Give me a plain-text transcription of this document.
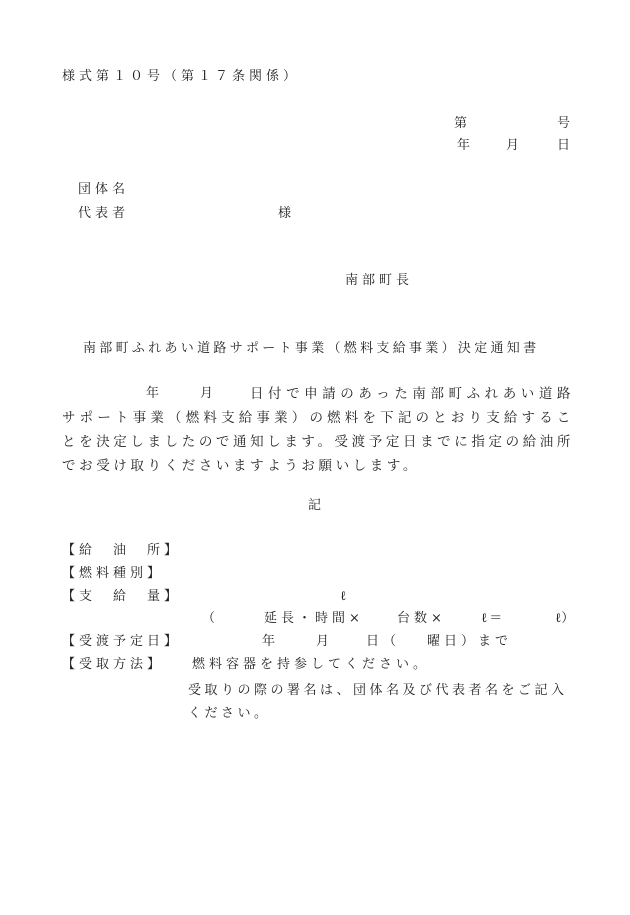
様式第１０号（第１７条関係）
第	号
年	月	日
団体名
代表者	様
南部町長
南部町ふれあい道路サポート事業（燃料支給事業）決定通知書
年	月	日付で申請のあった南部町ふれあい道路サポート事業（燃料支給事業）の燃料を下記のとおり支給することを決定しましたので通知します。受渡予定日までに指定の給油所でお受け取りくださいますようお願いします。
記
【給　油　所】
【燃料種別】
【支　給　量】	ℓ
（	延長・時間×	台数×	ℓ＝	ℓ）
【受渡予定日】	年	月	日（ 曜日）まで
【受取方法】 燃料容器を持参してください。
受取りの際の署名は、団体名及び代表者名をご記入ください。
